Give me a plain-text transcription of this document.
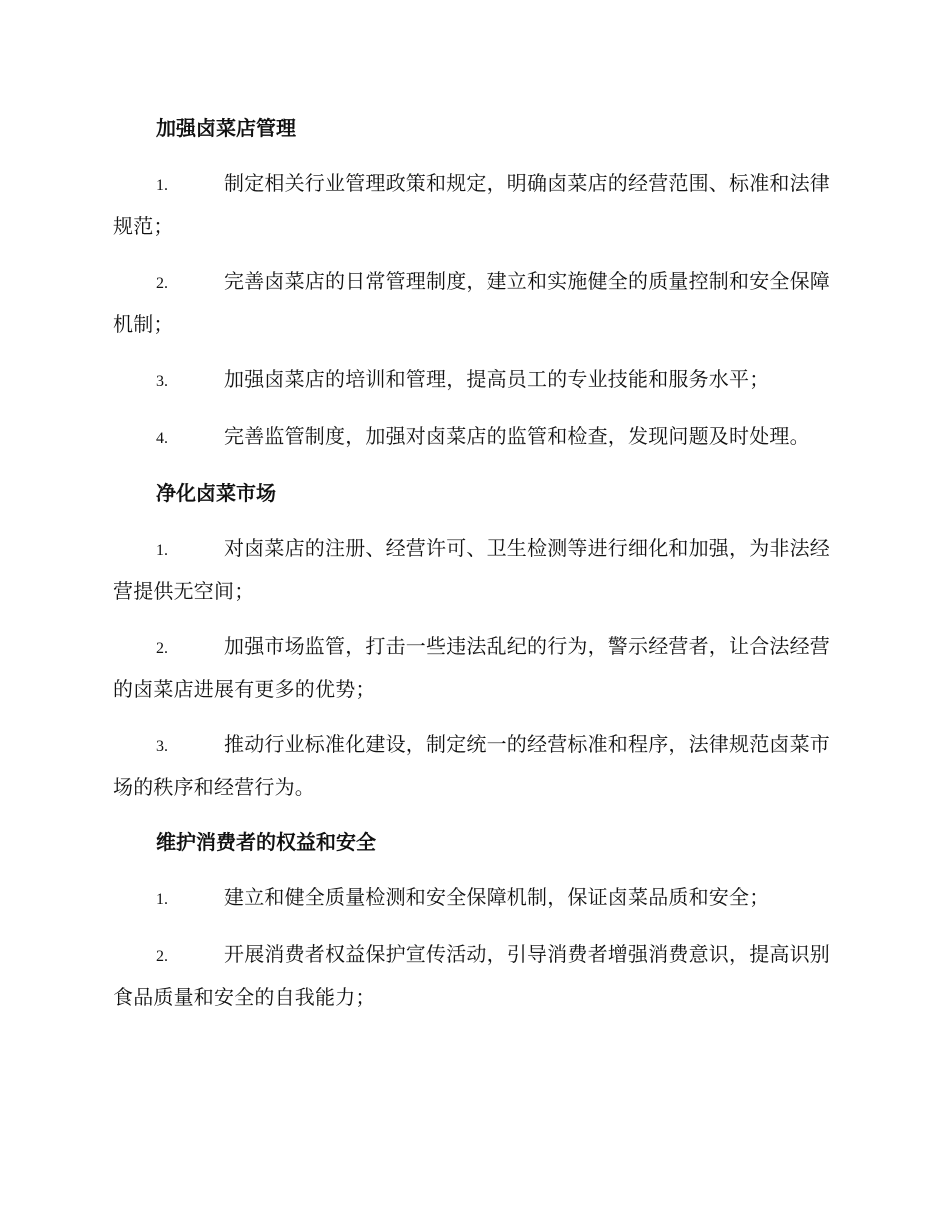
加强卤菜店管理

1.	制定相关行业管理政策和规定，明确卤菜店的经营范围、标准和法律规范；

2.	完善卤菜店的日常管理制度，建立和实施健全的质量控制和安全保障机制；

3.	加强卤菜店的培训和管理，提高员工的专业技能和服务水平；

4.	完善监管制度，加强对卤菜店的监管和检查，发现问题及时处理。

净化卤菜市场

1.	对卤菜店的注册、经营许可、卫生检测等进行细化和加强，为非法经营提供无空间；

2.	加强市场监管，打击一些违法乱纪的行为，警示经营者，让合法经营的卤菜店进展有更多的优势；

3.	推动行业标准化建设，制定统一的经营标准和程序，法律规范卤菜市场的秩序和经营行为。

维护消费者的权益和安全

1.	建立和健全质量检测和安全保障机制，保证卤菜品质和安全；

2.	开展消费者权益保护宣传活动，引导消费者增强消费意识，提高识别食品质量和安全的自我能力；
